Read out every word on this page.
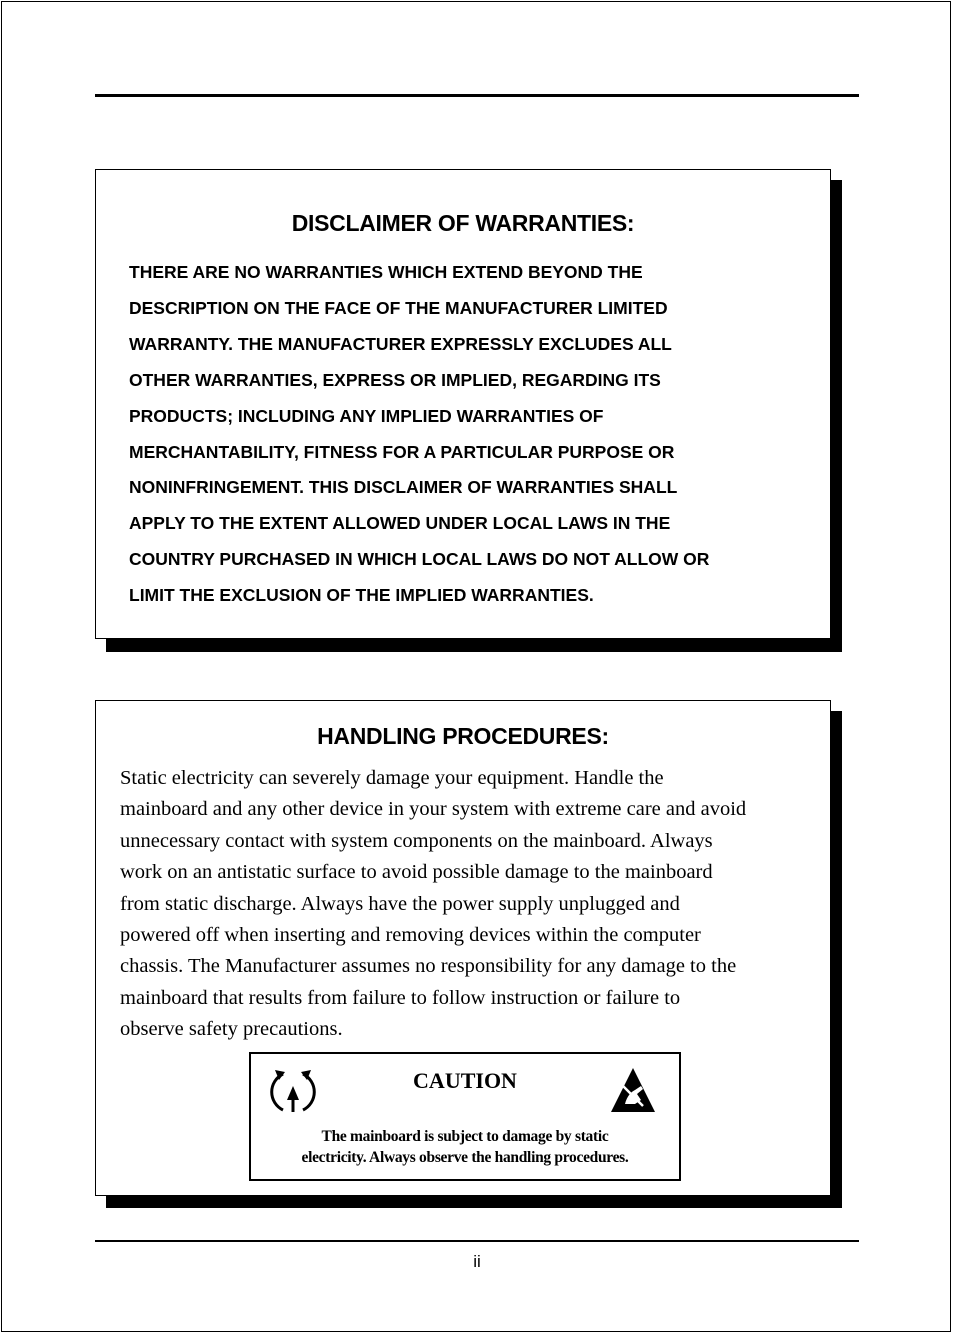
DISCLAIMER OF WARRANTIES:
THERE ARE NO WARRANTIES WHICH EXTEND BEYOND THE
DESCRIPTION ON THE FACE OF THE MANUFACTURER LIMITED
WARRANTY. THE MANUFACTURER EXPRESSLY EXCLUDES ALL
OTHER WARRANTIES, EXPRESS OR IMPLIED, REGARDING ITS
PRODUCTS; INCLUDING ANY IMPLIED WARRANTIES OF
MERCHANTABILITY, FITNESS FOR A PARTICULAR PURPOSE OR
NONINFRINGEMENT. THIS DISCLAIMER OF WARRANTIES SHALL
APPLY TO THE EXTENT ALLOWED UNDER LOCAL LAWS IN THE
COUNTRY PURCHASED IN WHICH LOCAL LAWS DO NOT ALLOW OR
LIMIT THE EXCLUSION OF THE IMPLIED WARRANTIES.
HANDLING PROCEDURES:
Static electricity can severely damage your equipment. Handle the
mainboard and any other device in your system with extreme care and avoid
unnecessary contact with system components on the mainboard. Always
work on an antistatic surface to avoid possible damage to the mainboard
from static discharge. Always have the power supply unplugged and
powered off when inserting and removing devices within the computer
chassis. The Manufacturer assumes no responsibility for any damage to the
mainboard that results from failure to follow instruction or failure to
observe safety precautions.
CAUTION
The mainboard is subject to damage by static
electricity. Always observe the handling procedures.
ii
